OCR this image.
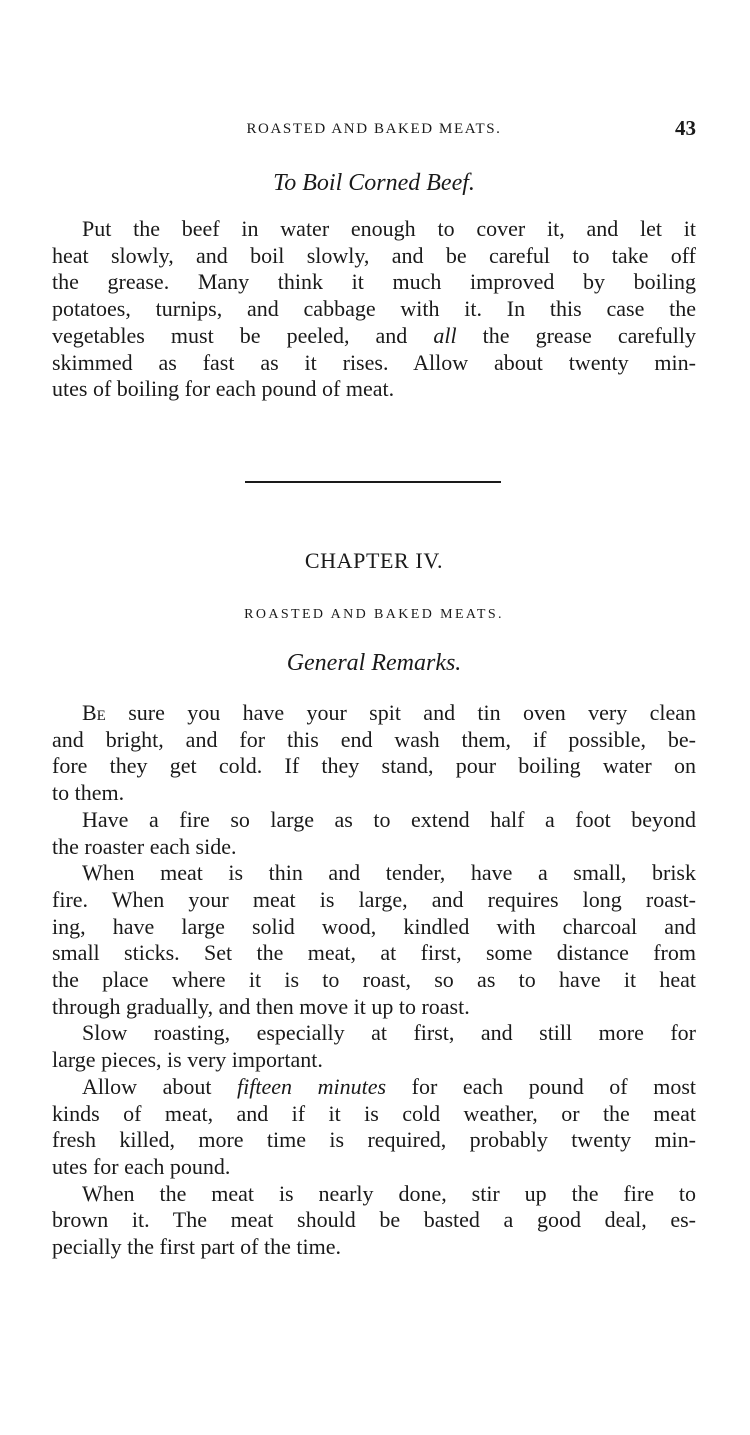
ROASTED AND BAKED MEATS.	43
To Boil Corned Beef.
Put the beef in water enough to cover it, and let it
heat slowly, and boil slowly, and be careful to take off
the grease. Many think it much improved by boiling
potatoes, turnips, and cabbage with it. In this case the
vegetables must be peeled, and all the grease carefully
skimmed as fast as it rises. Allow about twenty min-
utes of boiling for each pound of meat.
CHAPTER IV.
ROASTED AND BAKED MEATS.
General Remarks.
Be sure you have your spit and tin oven very clean
and bright, and for this end wash them, if possible, be-
fore they get cold. If they stand, pour boiling water on
to them.
Have a fire so large as to extend half a foot beyond
the roaster each side.
When meat is thin and tender, have a small, brisk
fire. When your meat is large, and requires long roast-
ing, have large solid wood, kindled with charcoal and
small sticks. Set the meat, at first, some distance from
the place where it is to roast, so as to have it heat
through gradually, and then move it up to roast.
Slow roasting, especially at first, and still more for
large pieces, is very important.
Allow about fifteen minutes for each pound of most
kinds of meat, and if it is cold weather, or the meat
fresh killed, more time is required, probably twenty min-
utes for each pound.
When the meat is nearly done, stir up the fire to
brown it. The meat should be basted a good deal, es-
pecially the first part of the time.
